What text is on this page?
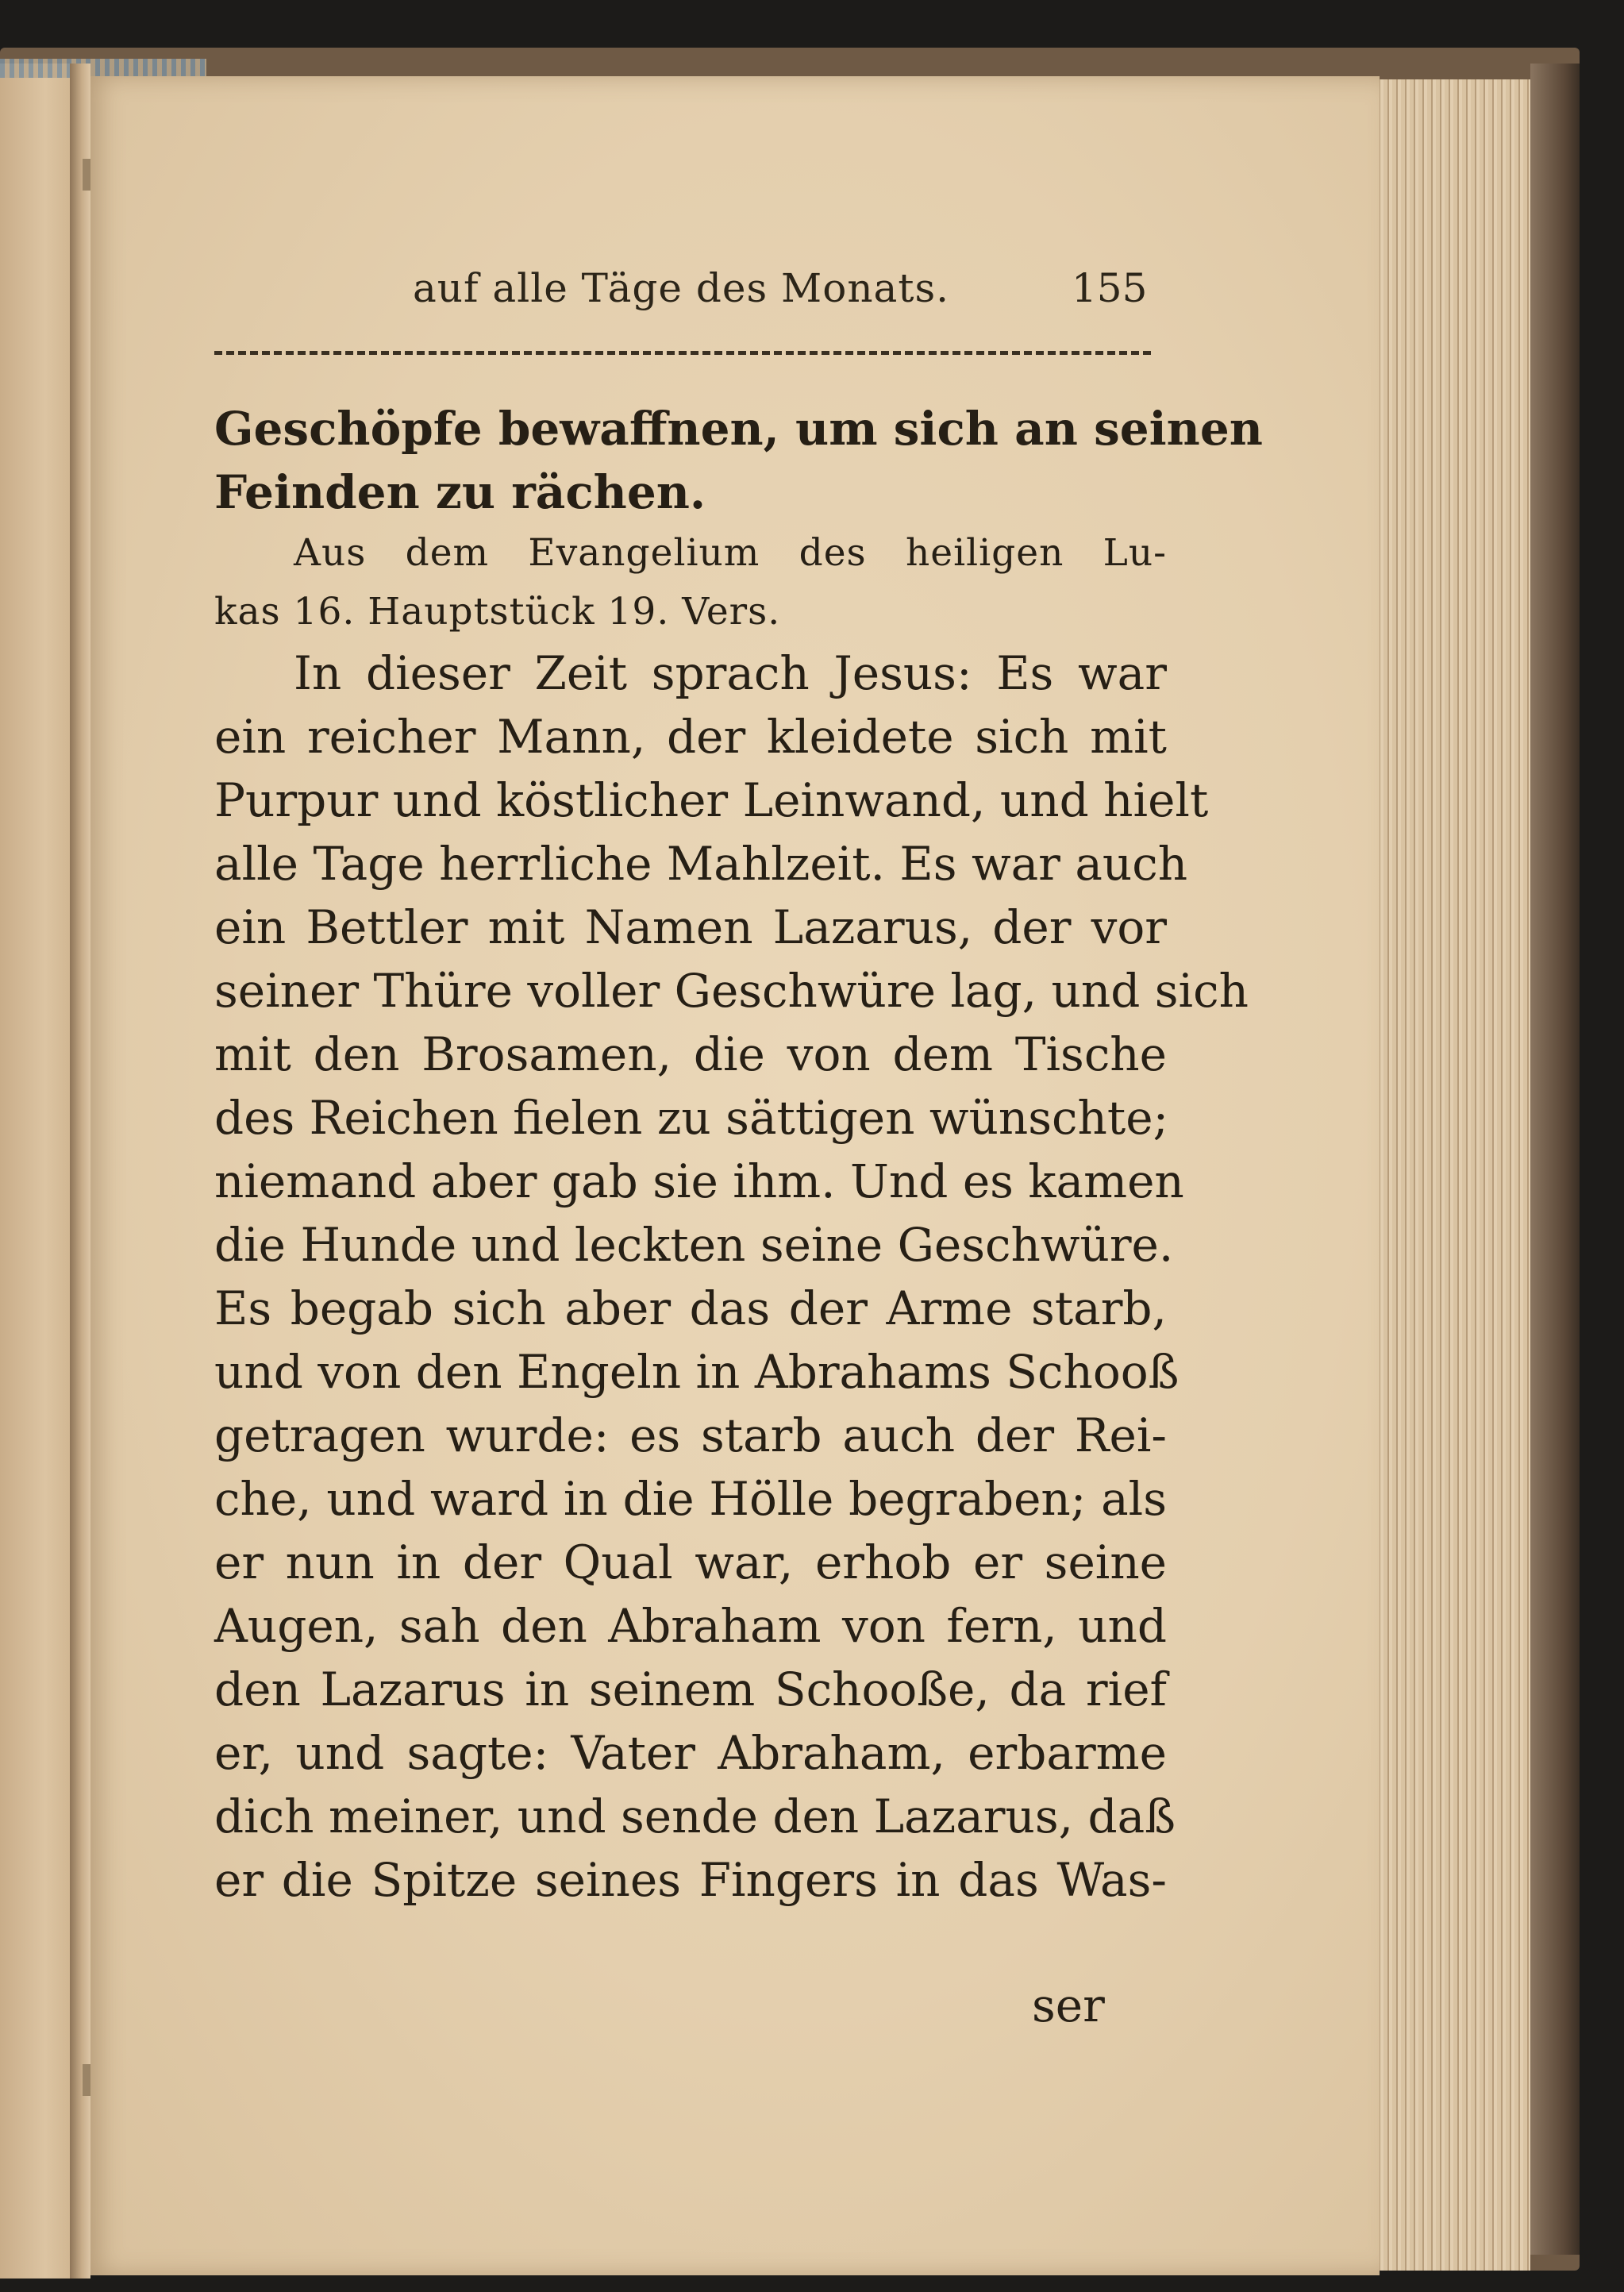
auf alle Täge des Monats.	155
Geschöpfe bewaffnen, um sich an seinen
Feinden zu rächen.
Aus dem Evangelium des heiligen Lu-
kas 16. Hauptstück 19. Vers.
In dieser Zeit sprach Jesus: Es war
ein reicher Mann, der kleidete sich mit
Purpur und köstlicher Leinwand, und hielt
alle Tage herrliche Mahlzeit. Es war auch
ein Bettler mit Namen Lazarus, der vor
seiner Thüre voller Geschwüre lag, und sich
mit den Brosamen, die von dem Tische
des Reichen fielen zu sättigen wünschte;
niemand aber gab sie ihm. Und es kamen
die Hunde und leckten seine Geschwüre.
Es begab sich aber das der Arme starb,
und von den Engeln in Abrahams Schooß
getragen wurde: es starb auch der Rei-
che, und ward in die Hölle begraben; als
er nun in der Qual war, erhob er seine
Augen, sah den Abraham von fern, und
den Lazarus in seinem Schooße, da rief
er, und sagte: Vater Abraham, erbarme
dich meiner, und sende den Lazarus, daß
er die Spitze seines Fingers in das Was-
ser
